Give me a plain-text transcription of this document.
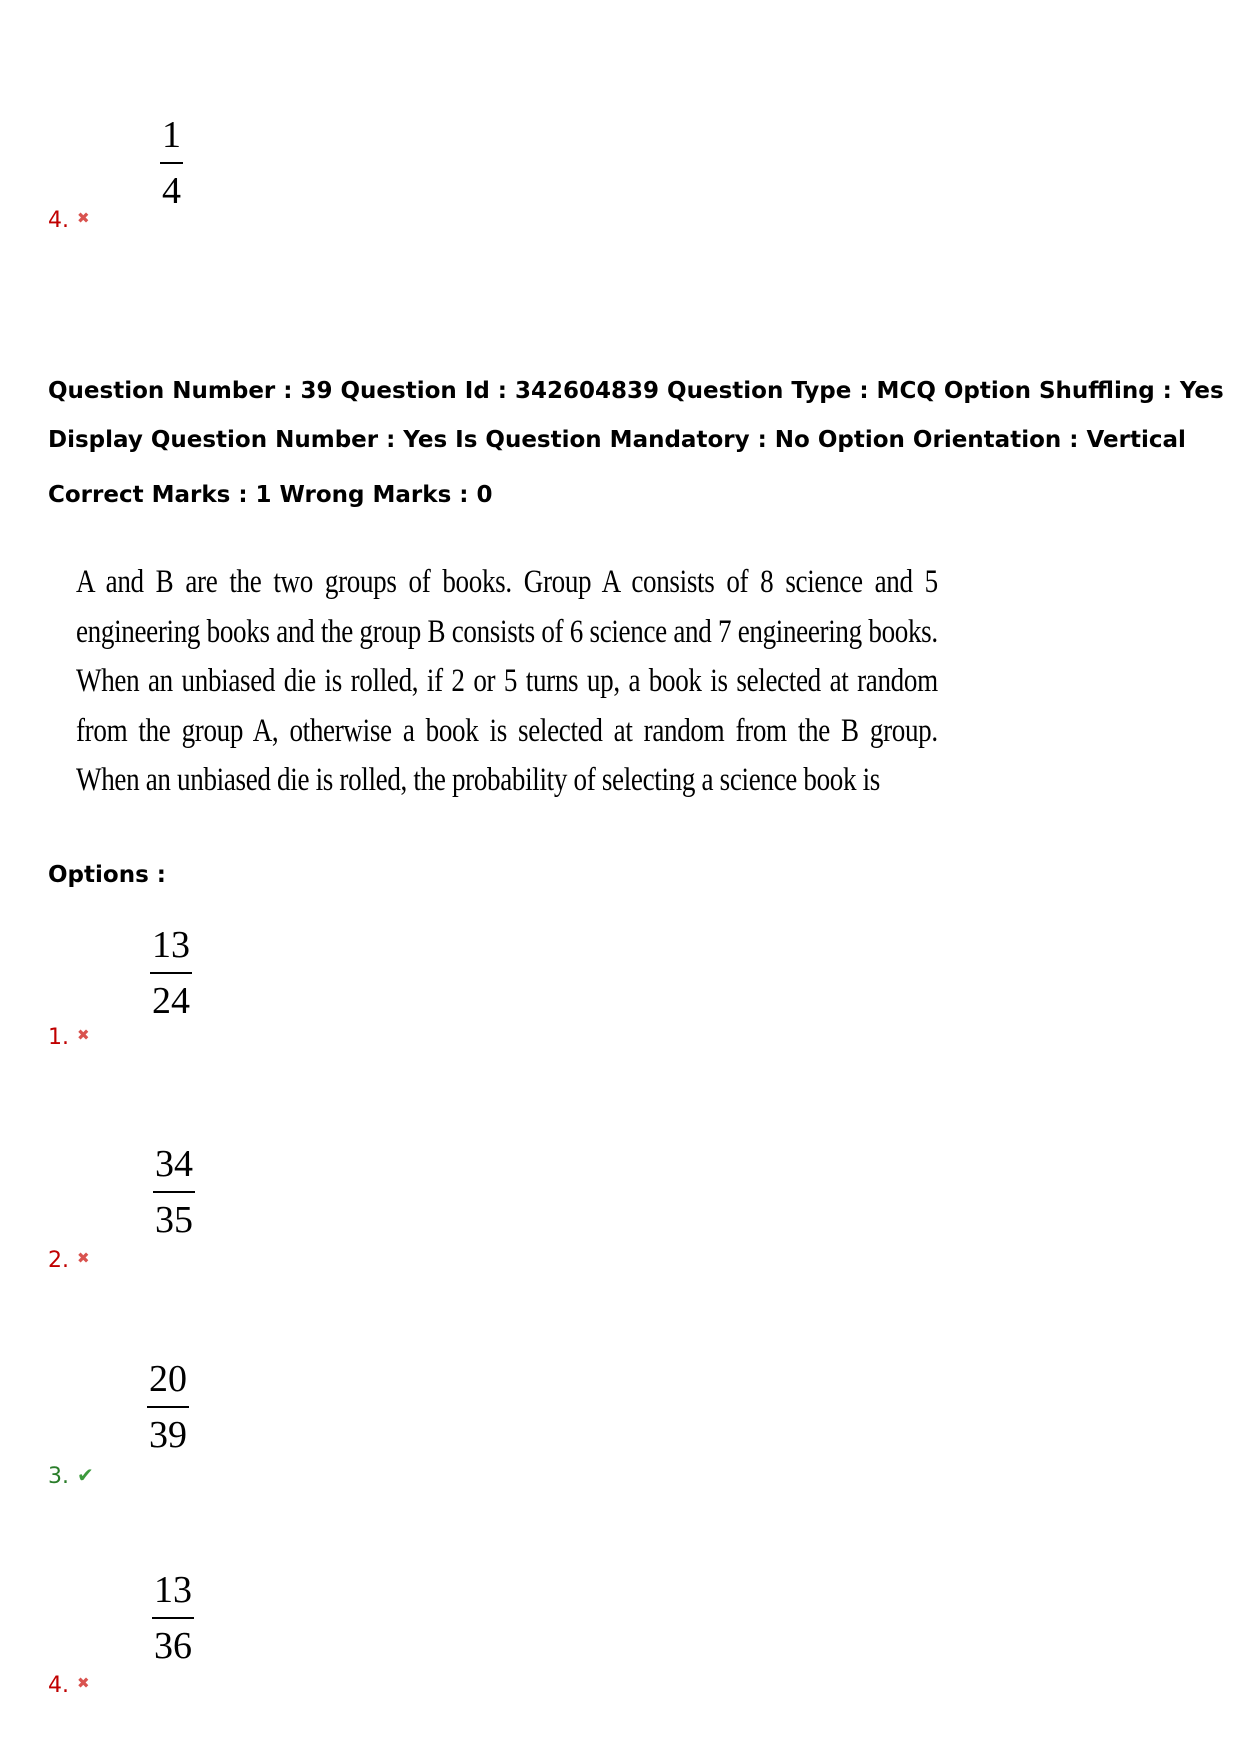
1
4
4. ✖
Question Number : 39 Question Id : 342604839 Question Type : MCQ Option Shuffling : Yes
Display Question Number : Yes Is Question Mandatory : No Option Orientation : Vertical
Correct Marks : 1 Wrong Marks : 0
A and B are the two groups of books. Group A consists of 8 science and 5 engineering books and the group B consists of 6 science and 7 engineering books. When an unbiased die is rolled, if 2 or 5 turns up, a book is selected at random from the group A, otherwise a book is selected at random from the B group. When an unbiased die is rolled, the probability of selecting a science book is
Options :
13
24
1. ✖
34
35
2. ✖
20
39
3. ✔
13
36
4. ✖
